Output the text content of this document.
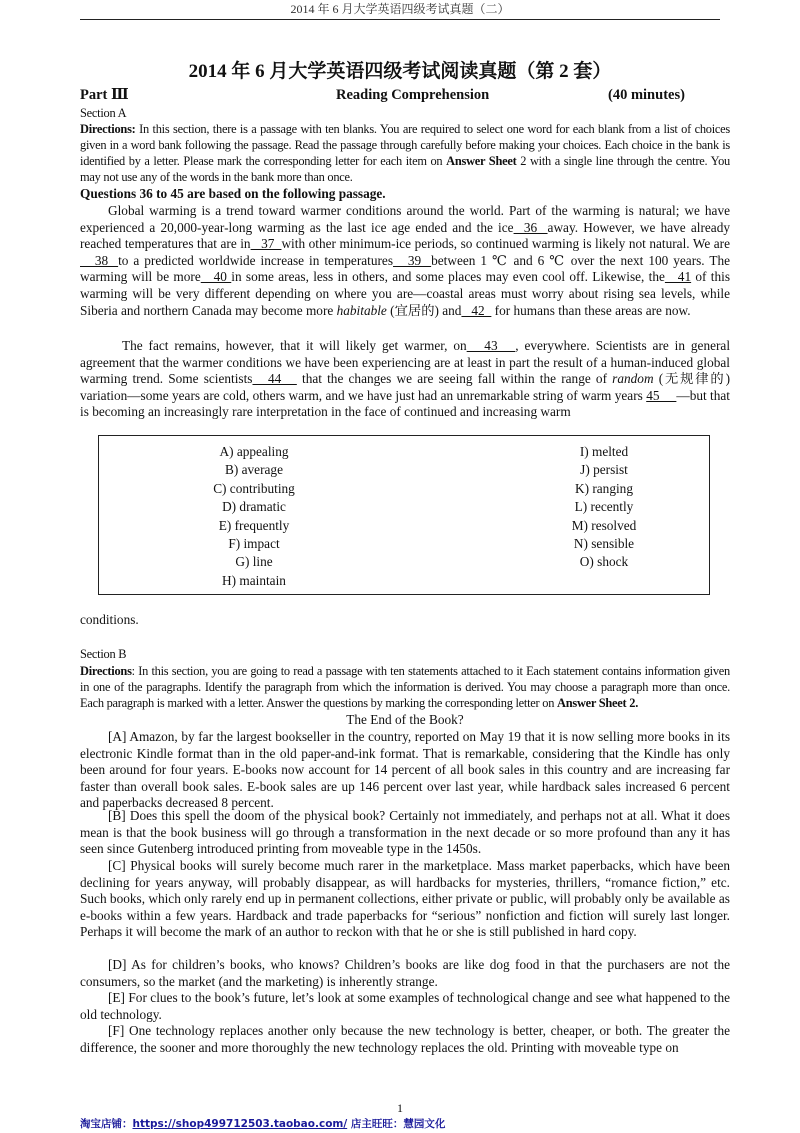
2014 年 6 月大学英语四级考试真题（二）
2014 年 6 月大学英语四级考试阅读真题（第 2 套）
Part Ⅲ	Reading Comprehension	(40 minutes)
Section A
Directions: In this section, there is a passage with ten blanks. You are required to select one word for each blank from a list of choices given in a word bank following the passage. Read the passage through carefully before making your choices. Each choice in the bank is identified by a letter. Please mark the corresponding letter for each item on Answer Sheet 2 with a single line through the centre. You may not use any of the words in the bank more than once.
Questions 36 to 45 are based on the following passage.
Global warming is a trend toward warmer conditions around the world. Part of the warming is natural; we have experienced a 20,000-year-long warming as the last ice age ended and the ice  36  away. However, we have already reached temperatures that are in   37  with other minimum-ice periods, so continued warming is likely not natural. We are   38  to a predicted worldwide increase in temperatures   39  between 1 ℃ and 6 ℃ over the next 100 years. The warming will be more   40 in some areas, less in others, and some places may even cool off. Likewise, the   41 of this warming will be very different depending on where you are—coastal areas must worry about rising sea levels, while Siberia and northern Canada may become more habitable (宜居的) and   42   for humans than these areas are now.
The fact remains, however, that it will likely get warmer, on   43   , everywhere. Scientists are in general agreement that the warmer conditions we have been experiencing are at least in part the result of a human-induced global warming trend. Some scientists   44    that the changes we are seeing fall within the range of random (无规律的) variation—some years are cold, others warm, and we have just had an unremarkable string of warm years 45     —but that is becoming an increasingly rare interpretation in the face of continued and increasing warm
A) appealing
B) average
C) contributing
D) dramatic
E) frequently
F) impact
G) line
H) maintain
I) melted
J) persist
K) ranging
L) recently
M) resolved
N) sensible
O) shock
conditions.
Section B
Directions: In this section, you are going to read a passage with ten statements attached to it Each statement contains information given in one of the paragraphs. Identify the paragraph from which the information is derived. You may choose a paragraph more than once. Each paragraph is marked with a letter. Answer the questions by marking the corresponding letter on Answer Sheet 2.
The End of the Book?
[A] Amazon, by far the largest bookseller in the country, reported on May 19 that it is now selling more books in its electronic Kindle format than in the old paper-and-ink format. That is remarkable, considering that the Kindle has only been around for four years. E-books now account for 14 percent of all book sales in this country and are increasing far faster than overall book sales. E-book sales are up 146 percent over last year, while hardback sales increased 6 percent and paperbacks decreased 8 percent.
[B] Does this spell the doom of the physical book? Certainly not immediately, and perhaps not at all. What it does mean is that the book business will go through a transformation in the next decade or so more profound than any it has seen since Gutenberg introduced printing from moveable type in the 1450s.
[C] Physical books will surely become much rarer in the marketplace. Mass market paperbacks, which have been declining for years anyway, will probably disappear, as will hardbacks for mysteries, thrillers, “romance fiction,” etc. Such books, which only rarely end up in permanent collections, either private or public, will probably only be available as e-books within a few years. Hardback and trade paperbacks for “serious” nonfiction and fiction will surely last longer. Perhaps it will become the mark of an author to reckon with that he or she is still published in hard copy.
[D] As for children’s books, who knows? Children’s books are like dog food in that the purchasers are not the consumers, so the market (and the marketing) is inherently strange.
[E] For clues to the book’s future, let’s look at some examples of technological change and see what happened to the old technology.
[F] One technology replaces another only because the new technology is better, cheaper, or both. The greater the difference, the sooner and more thoroughly the new technology replaces the old. Printing with moveable type on
1
淘宝店铺：https://shop499712503.taobao.com/ 店主旺旺：慧园文化
